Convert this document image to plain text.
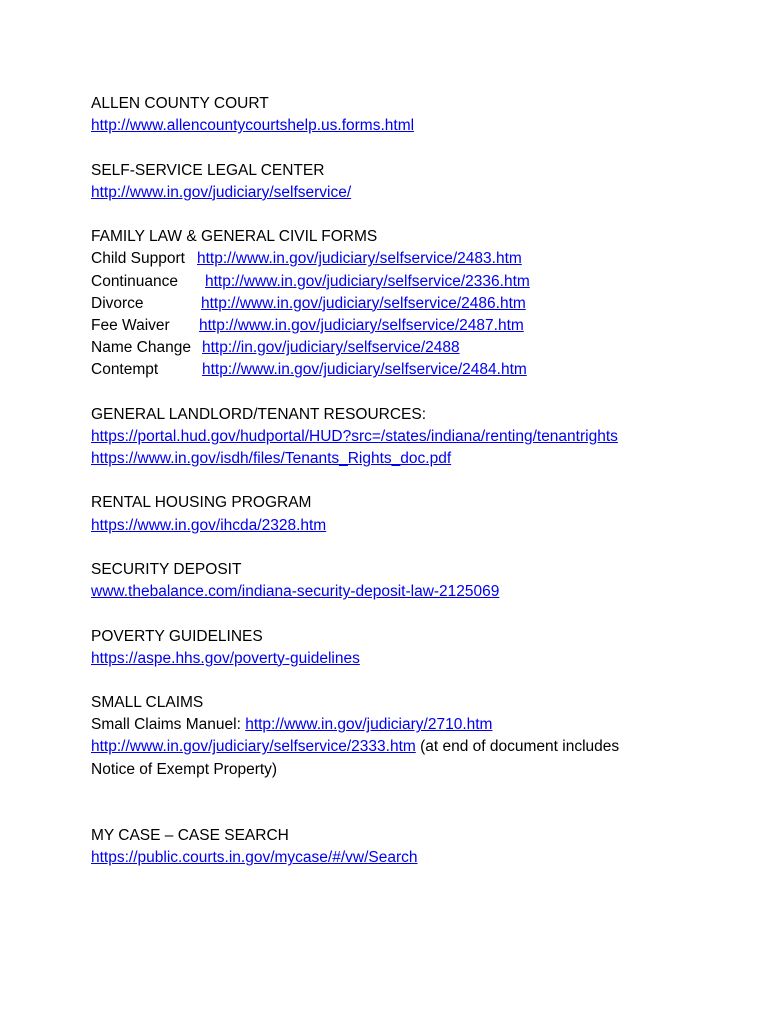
ALLEN COUNTY COURT
http://www.allencountycourtshelp.us.forms.html
SELF-SERVICE LEGAL CENTER
http://www.in.gov/judiciary/selfservice/
FAMILY LAW & GENERAL CIVIL FORMS
Child Support http://www.in.gov/judiciary/selfservice/2483.htm
Continuance http://www.in.gov/judiciary/selfservice/2336.htm
Divorce	http://www.in.gov/judiciary/selfservice/2486.htm
Fee Waiver http://www.in.gov/judiciary/selfservice/2487.htm
Name Change http://in.gov/judiciary/selfservice/2488
Contempt	http://www.in.gov/judiciary/selfservice/2484.htm
GENERAL LANDLORD/TENANT RESOURCES:
https://portal.hud.gov/hudportal/HUD?src=/states/indiana/renting/tenantrights
https://www.in.gov/isdh/files/Tenants_Rights_doc.pdf
RENTAL HOUSING PROGRAM
https://www.in.gov/ihcda/2328.htm
SECURITY DEPOSIT
www.thebalance.com/indiana-security-deposit-law-2125069
POVERTY GUIDELINES
https://aspe.hhs.gov/poverty-guidelines
SMALL CLAIMS
Small Claims Manuel: http://www.in.gov/judiciary/2710.htm
http://www.in.gov/judiciary/selfservice/2333.htm (at end of document includes
Notice of Exempt Property)
MY CASE – CASE SEARCH
https://public.courts.in.gov/mycase/#/vw/Search
